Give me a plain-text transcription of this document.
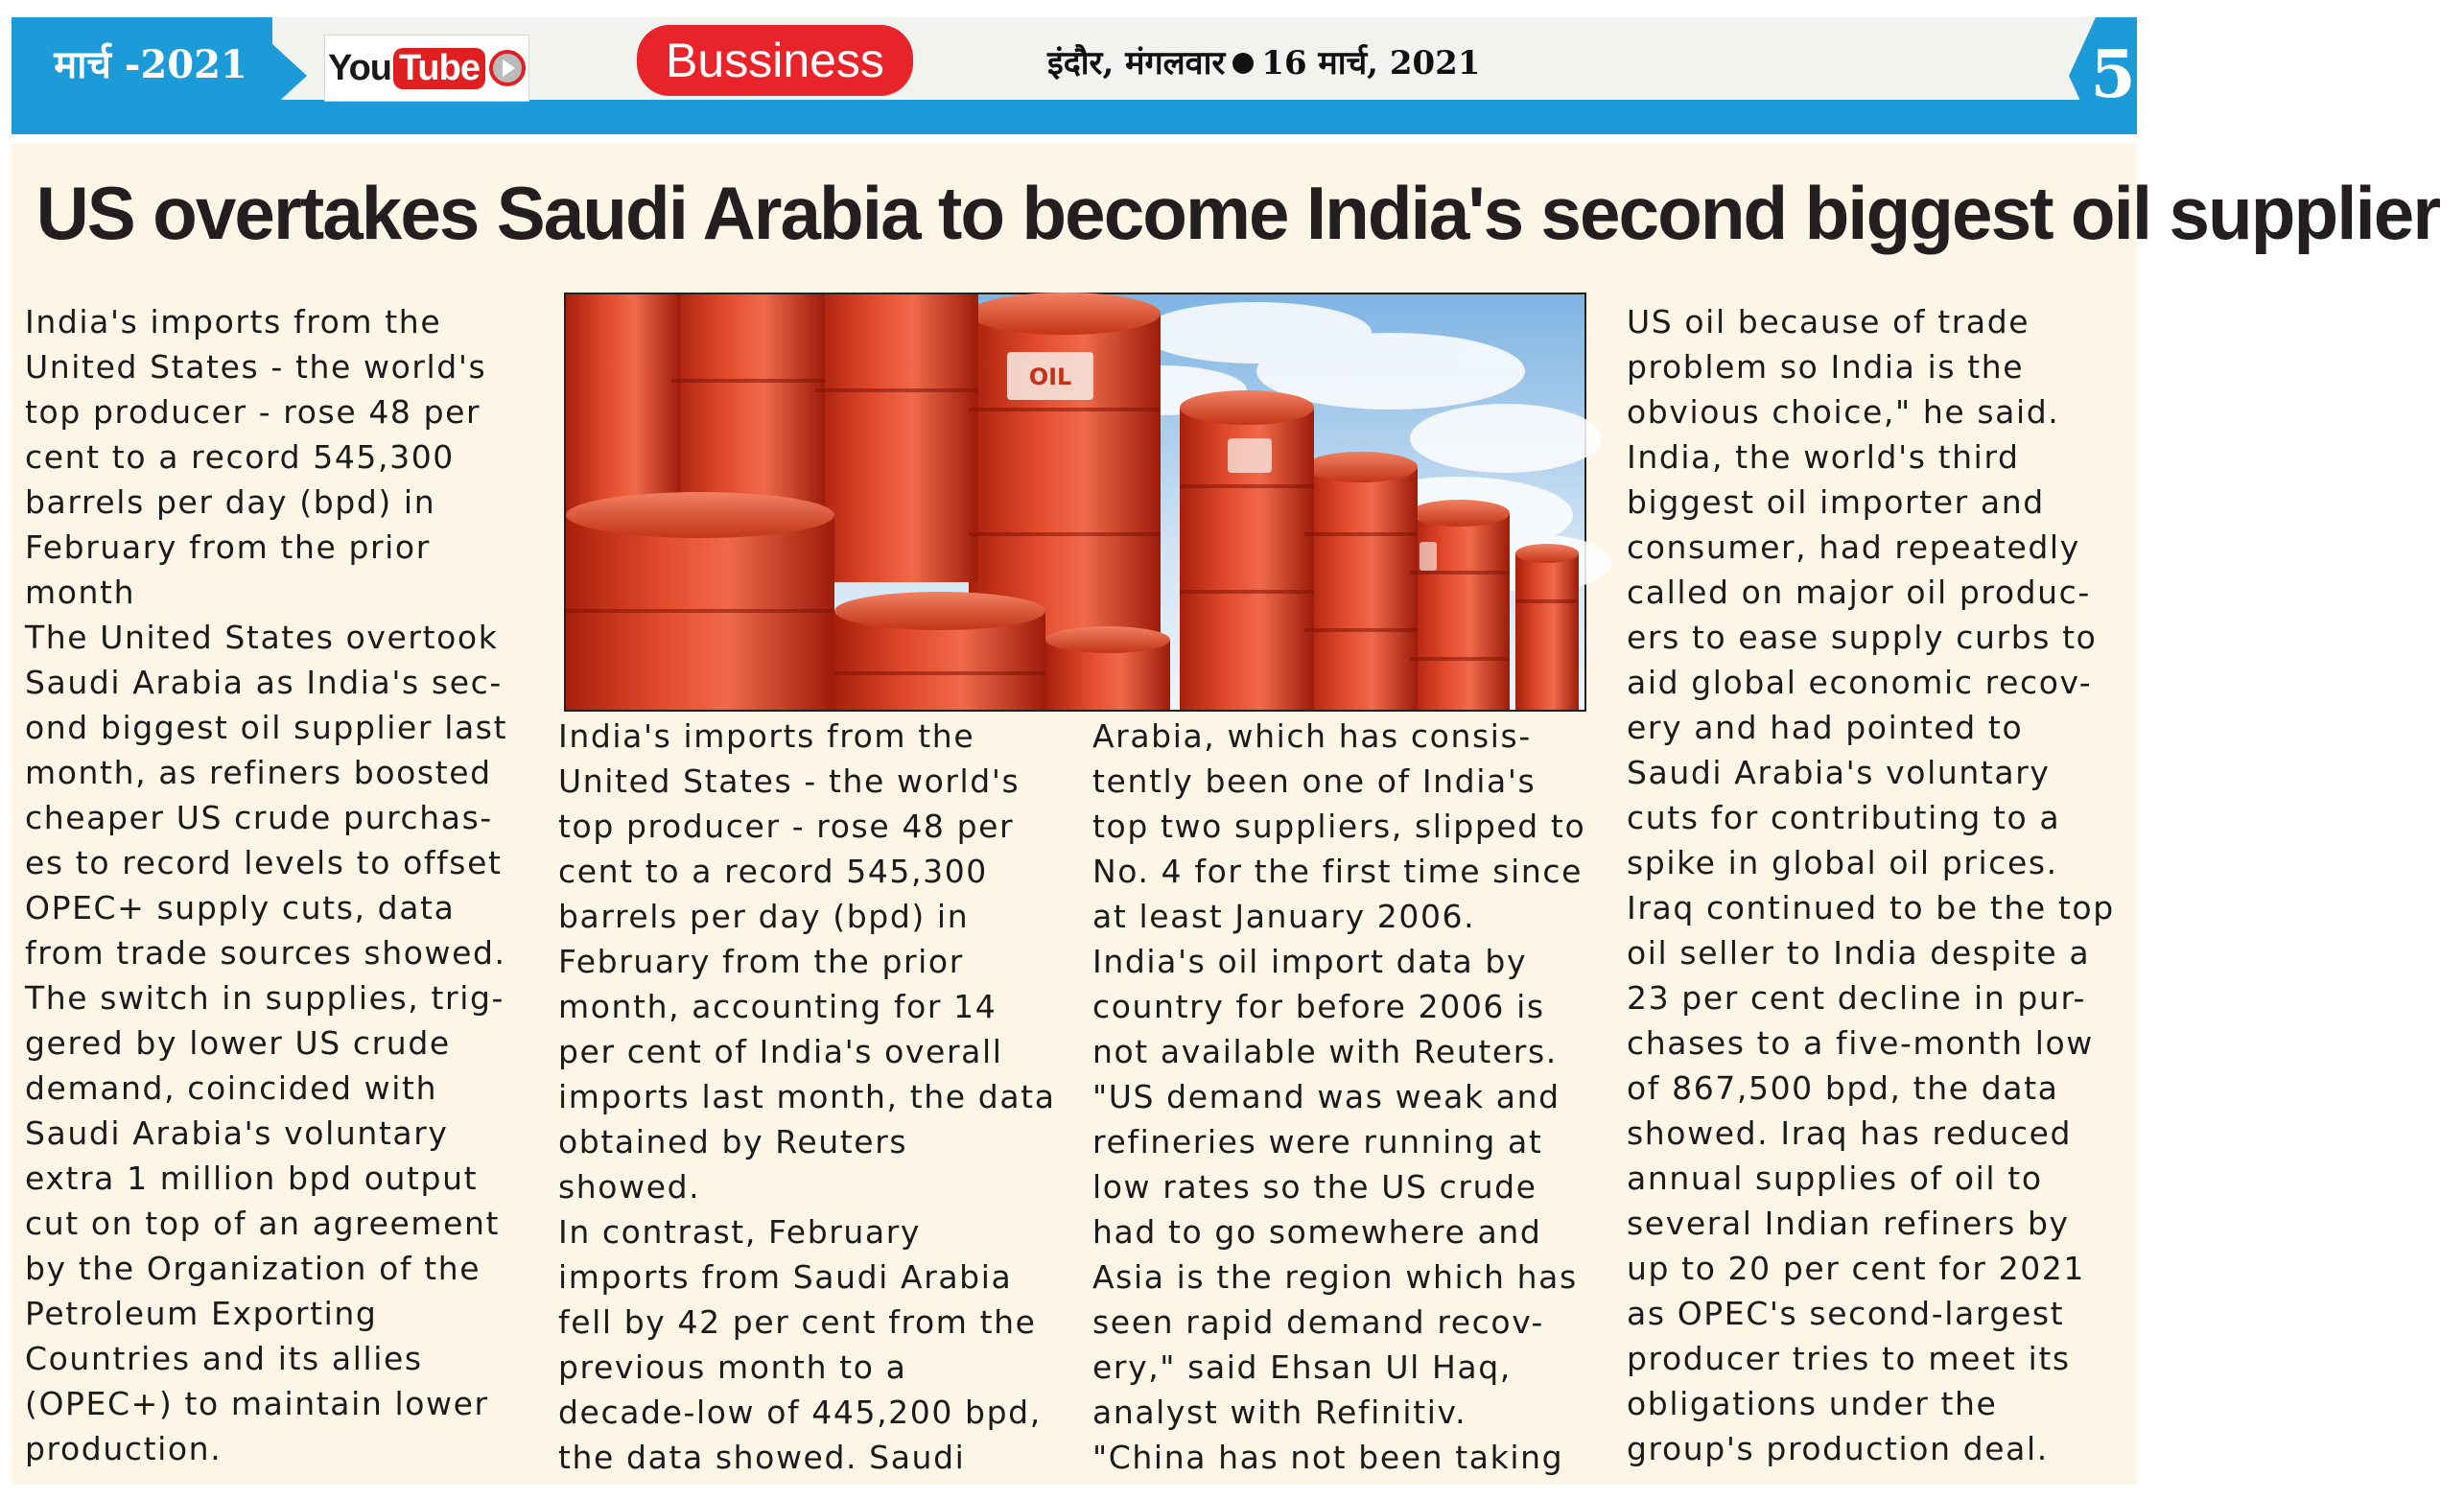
मार्च -2021	You Tube	Bussiness	इंदौर, मंगलवार 16 मार्च, 2021	5
US overtakes Saudi Arabia to become India's second biggest oil supplier

India's imports from the
United States - the world's
top producer - rose 48 per
cent to a record 545,300
barrels per day (bpd) in
February from the prior
month
The United States overtook
Saudi Arabia as India's sec-
ond biggest oil supplier last
month, as refiners boosted
cheaper US crude purchas-
es to record levels to offset
OPEC+ supply cuts, data
from trade sources showed.
The switch in supplies, trig-
gered by lower US crude
demand, coincided with
Saudi Arabia's voluntary
extra 1 million bpd output
cut on top of an agreement
by the Organization of the
Petroleum Exporting
Countries and its allies
(OPEC+) to maintain lower
production.

OIL

India's imports from the
United States - the world's
top producer - rose 48 per
cent to a record 545,300
barrels per day (bpd) in
February from the prior
month, accounting for 14
per cent of India's overall
imports last month, the data
obtained by Reuters
showed.
In contrast, February
imports from Saudi Arabia
fell by 42 per cent from the
previous month to a
decade-low of 445,200 bpd,
the data showed. Saudi

Arabia, which has consis-
tently been one of India's
top two suppliers, slipped to
No. 4 for the first time since
at least January 2006.
India's oil import data by
country for before 2006 is
not available with Reuters.
"US demand was weak and
refineries were running at
low rates so the US crude
had to go somewhere and
Asia is the region which has
seen rapid demand recov-
ery," said Ehsan Ul Haq,
analyst with Refinitiv.
"China has not been taking

US oil because of trade
problem so India is the
obvious choice," he said.
India, the world's third
biggest oil importer and
consumer, had repeatedly
called on major oil produc-
ers to ease supply curbs to
aid global economic recov-
ery and had pointed to
Saudi Arabia's voluntary
cuts for contributing to a
spike in global oil prices.
Iraq continued to be the top
oil seller to India despite a
23 per cent decline in pur-
chases to a five-month low
of 867,500 bpd, the data
showed. Iraq has reduced
annual supplies of oil to
several Indian refiners by
up to 20 per cent for 2021
as OPEC's second-largest
producer tries to meet its
obligations under the
group's production deal.
